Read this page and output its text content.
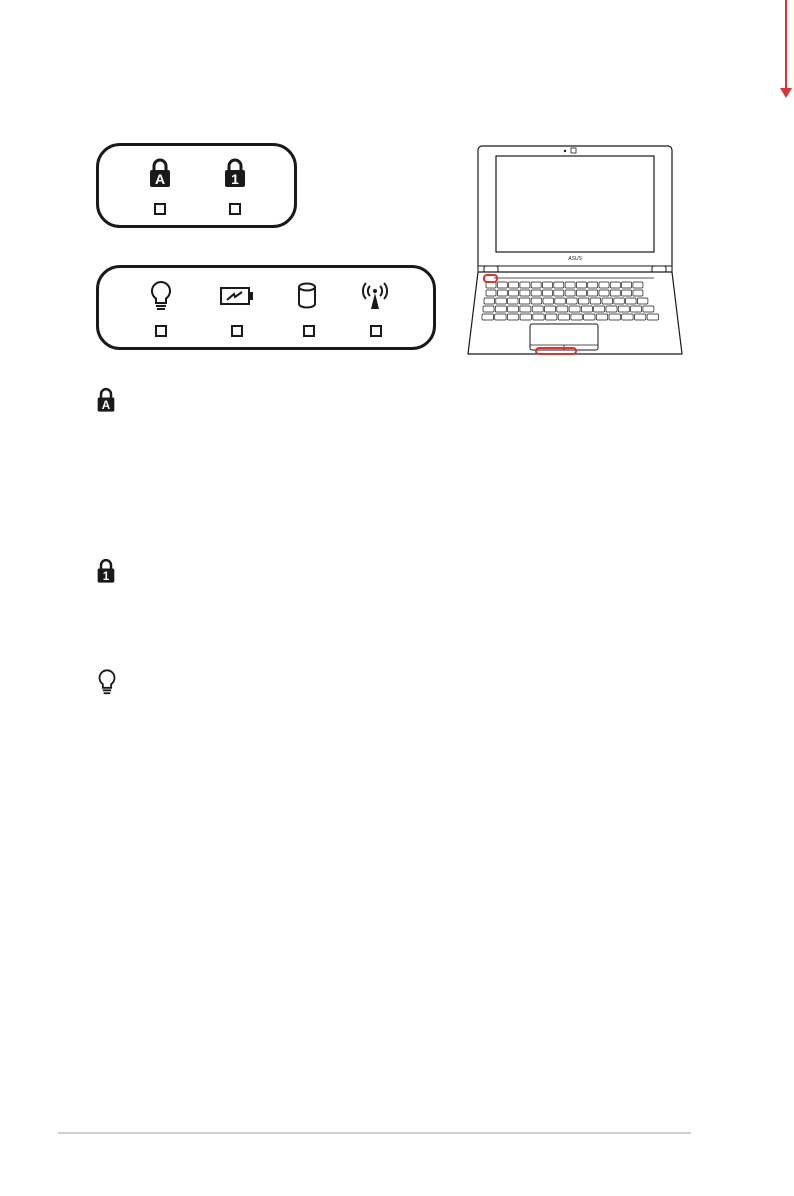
A	1
ASUS
A
1
